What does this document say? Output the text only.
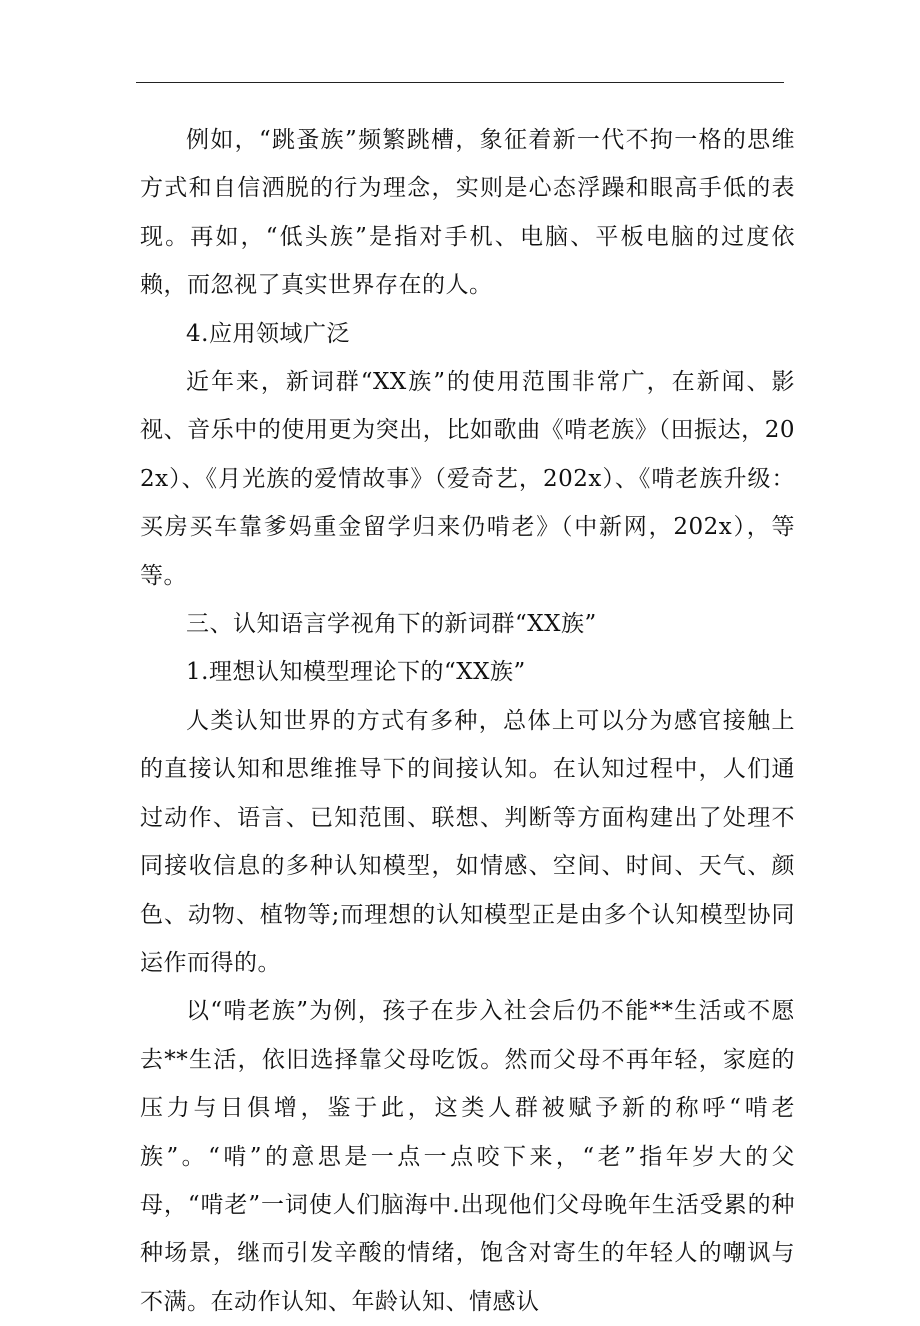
例如，“跳蚤族”频繁跳槽，象征着新一代不拘一格的思维方式和自信洒脱的行为理念，实则是心态浮躁和眼高手低的表现。再如，“低头族”是指对手机、电脑、平板电脑的过度依赖，而忽视了真实世界存在的人。

4.应用领域广泛

近年来，新词群“XX族”的使用范围非常广，在新闻、影视、音乐中的使用更为突出，比如歌曲《啃老族》（田振达，202x）、《月光族的爱情故事》（爱奇艺，202x）、《啃老族升级：买房买车靠爹妈重金留学归来仍啃老》（中新网，202x），等等。

三、认知语言学视角下的新词群“XX族”

1.理想认知模型理论下的“XX族”

人类认知世界的方式有多种，总体上可以分为感官接触上的直接认知和思维推导下的间接认知。在认知过程中，人们通过动作、语言、已知范围、联想、判断等方面构建出了处理不同接收信息的多种认知模型，如情感、空间、时间、天气、颜色、动物、植物等;而理想的认知模型正是由多个认知模型协同运作而得的。

以“啃老族”为例，孩子在步入社会后仍不能**生活或不愿去**生活，依旧选择靠父母吃饭。然而父母不再年轻，家庭的压力与日俱增，鉴于此，这类人群被赋予新的称呼“啃老族”。“啃”的意思是一点一点咬下来，“老”指年岁大的父母，“啃老”一词使人们脑海中.出现他们父母晚年生活受累的种种场景，继而引发辛酸的情绪，饱含对寄生的年轻人的嘲讽与不满。在动作认知、年龄认知、情感认
